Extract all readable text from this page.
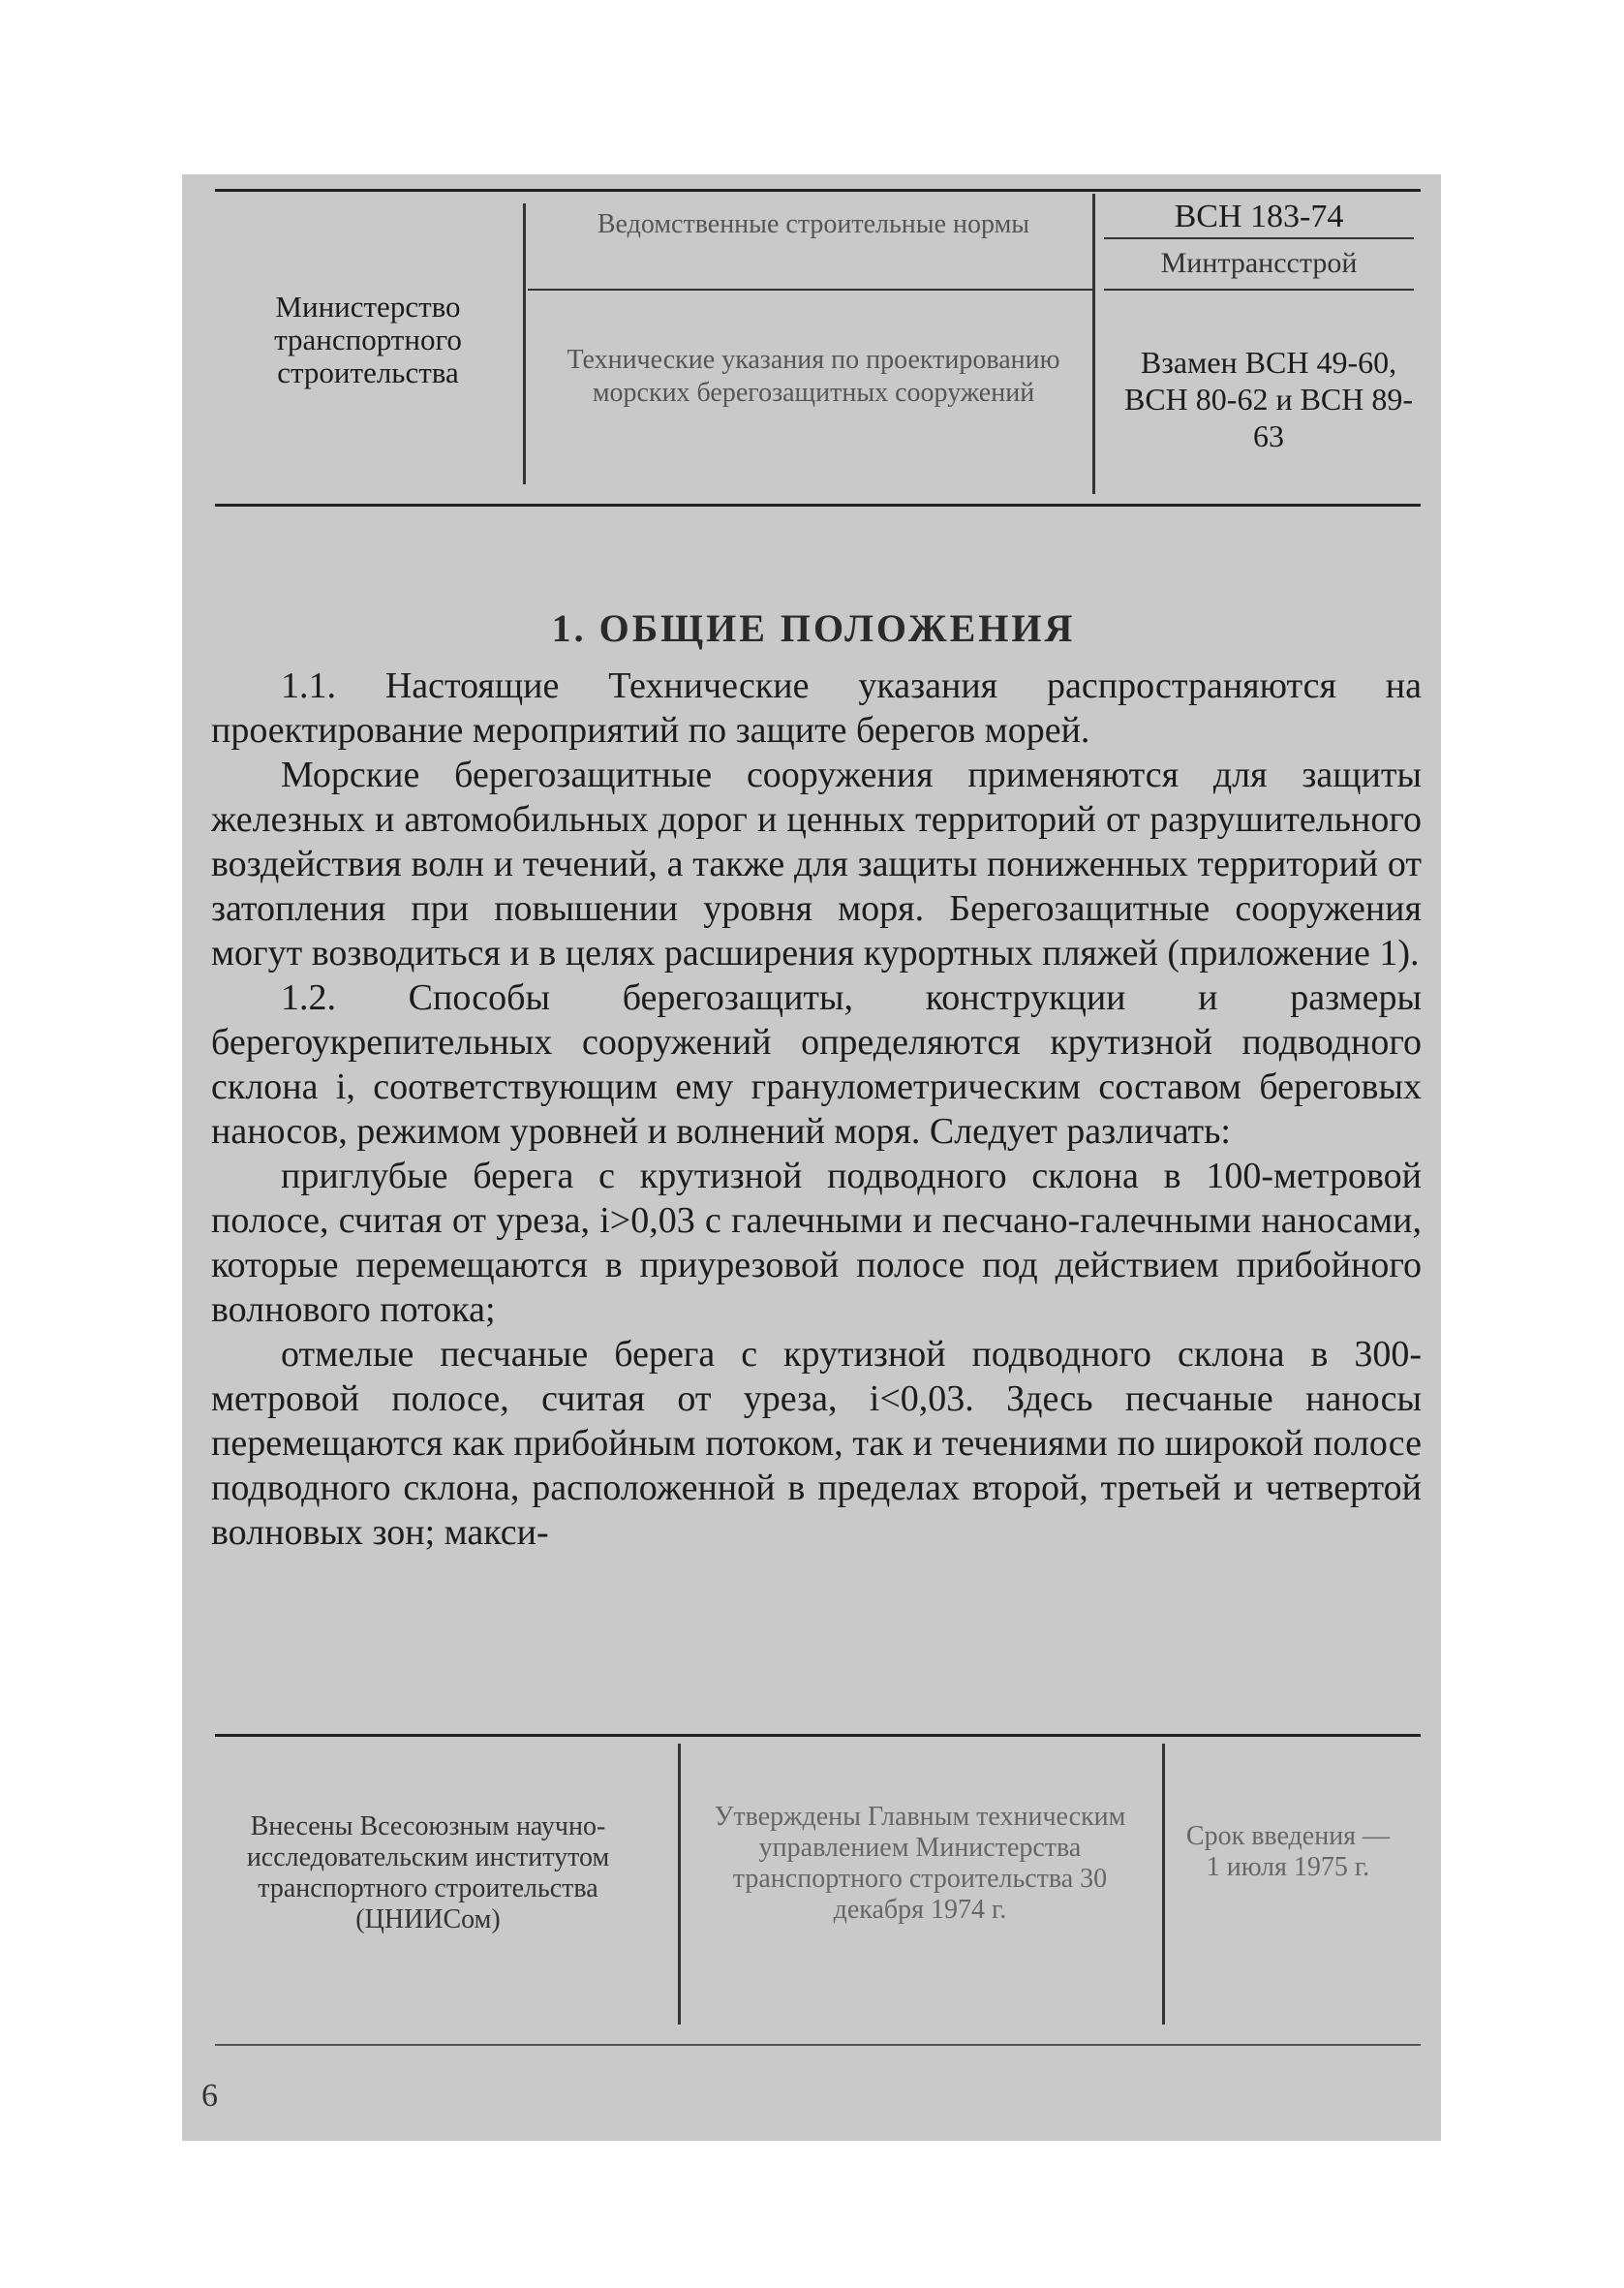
Министерство транспортного строительства
Ведомственные строительные нормы
Технические указания по проектированию морских берегозащитных сооружений
ВСН 183-74
Минтрансстрой
Взамен ВСН 49-60, ВСН 80-62 и ВСН 89-63
1. ОБЩИЕ ПОЛОЖЕНИЯ

1.1. Настоящие Технические указания распространяются на проектирование мероприятий по защите берегов морей.

Морские берегозащитные сооружения применяются для защиты железных и автомобильных дорог и ценных территорий от разрушительного воздействия волн и течений, а также для защиты пониженных территорий от затопления при повышении уровня моря. Берегозащитные сооружения могут возводиться и в целях расширения курортных пляжей (приложение 1).

1.2. Способы берегозащиты, конструкции и размеры берегоукрепительных сооружений определяются крутизной подводного склона i, соответствующим ему гранулометрическим составом береговых наносов, режимом уровней и волнений моря. Следует различать:

приглубые берега с крутизной подводного склона в 100-метровой полосе, считая от уреза, i>0,03 с галечными и песчано-галечными наносами, которые перемещаются в приурезовой полосе под действием прибойного волнового потока;

отмелые песчаные берега с крутизной подводного склона в 300-метровой полосе, считая от уреза, i<0,03. Здесь песчаные наносы перемещаются как прибойным потоком, так и течениями по широкой полосе подводного склона, расположенной в пределах второй, третьей и четвертой волновых зон; макси-

Внесены Всесоюзным научно-исследовательским институтом транспортного строительства (ЦНИИСом)
Утверждены Главным техническим управлением Министерства транспортного строительства 30 декабря 1974 г.
Срок введения — 1 июля 1975 г.
6
